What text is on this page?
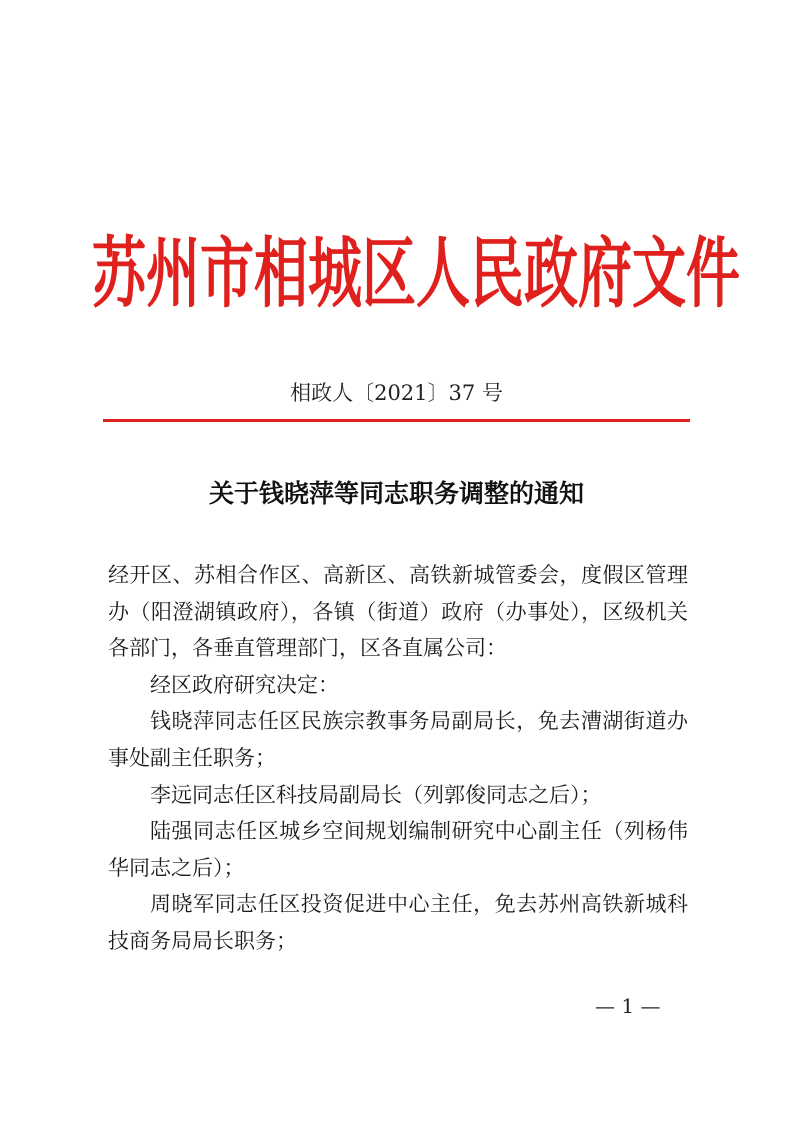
苏 州 市 相 城 区 人 民 政 府 文 件
相政人〔2021〕37 号
关于钱晓萍等同志职务调整的通知

经开区、苏相合作区、高新区、高铁新城管委会，度假区管理办（阳澄湖镇政府），各镇（街道）政府（办事处），区级机关各部门，各垂直管理部门，区各直属公司：

经区政府研究决定：

钱晓萍同志任区民族宗教事务局副局长，免去漕湖街道办事处副主任职务；

李远同志任区科技局副局长（列郭俊同志之后）；

陆强同志任区城乡空间规划编制研究中心副主任（列杨伟华同志之后）；

周晓军同志任区投资促进中心主任，免去苏州高铁新城科技商务局局长职务；

— 1 —
